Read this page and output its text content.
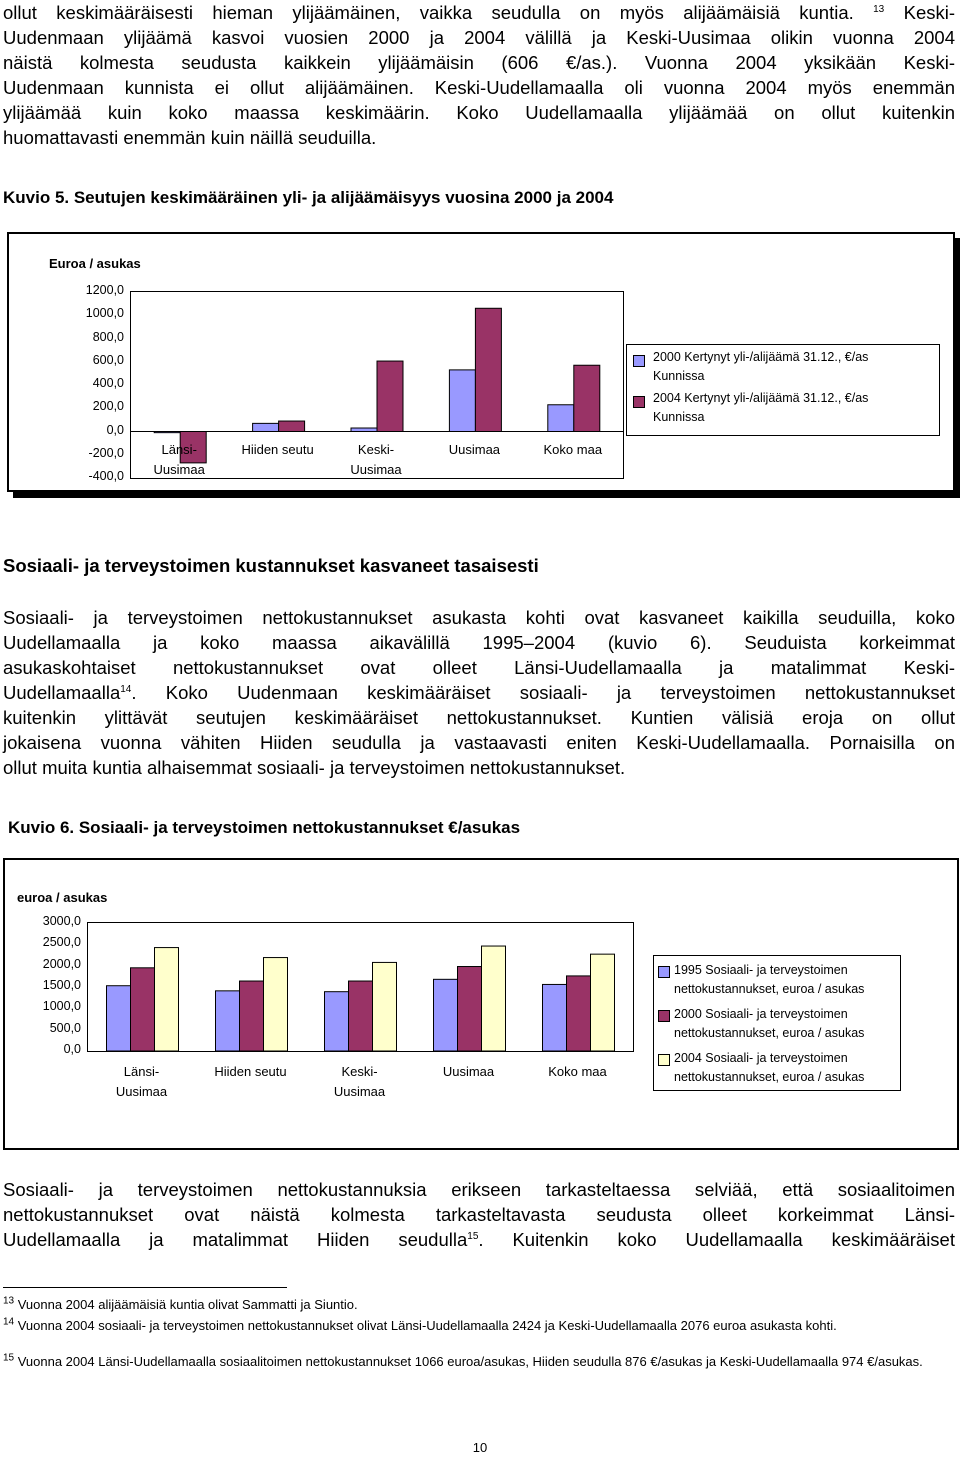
ollut keskimääräisesti hieman ylijäämäinen, vaikka seudulla on myös alijäämäisiä kuntia. $^{13}$ Keski-
Uudenmaan ylijäämä kasvoi vuosien 2000 ja 2004 välillä ja Keski-Uusimaa olikin vuonna 2004
näistä kolmesta seudusta kaikkein ylijäämäisin (606 €/as.). Vuonna 2004 yksikään Keski-
Uudenmaan kunnista ei ollut alijäämäinen. Keski-Uudellamaalla oli vuonna 2004 myös enemmän
ylijäämää kuin koko maassa keskimäärin. Koko Uudellamaalla ylijäämää on ollut kuitenkin
huomattavasti enemmän kuin näillä seuduilla.
Kuvio 5. Seutujen keskimääräinen yli- ja alijäämäisyys vuosina 2000 ja 2004
Euroa / asukas
1200,0
1000,0
800,0
600,0
400,0
200,0
0,0
-200,0
-400,0
Länsi-
Uusimaa
Hiiden seutu	Keski-
Uusimaa
Uusimaa	Koko maa
2000 Kertynyt yli-/alijäämä 31.12., €/as Kunnissa
2004 Kertynyt yli-/alijäämä 31.12., €/as Kunnissa
Sosiaali- ja terveystoimen kustannukset kasvaneet tasaisesti
Sosiaali- ja terveystoimen nettokustannukset asukasta kohti ovat kasvaneet kaikilla seuduilla, koko
Uudellamaalla ja koko maassa aikavälillä 1995–2004 (kuvio 6). Seuduista korkeimmat
asukaskohtaiset nettokustannukset ovat olleet Länsi-Uudellamaalla ja matalimmat Keski-
Uudellamaalla$^{14}$. Koko Uudenmaan keskimääräiset sosiaali- ja terveystoimen nettokustannukset
kuitenkin ylittävät seutujen keskimääräiset nettokustannukset. Kuntien välisiä eroja on ollut
jokaisena vuonna vähiten Hiiden seudulla ja vastaavasti eniten Keski-Uudellamaalla. Pornaisilla on
ollut muita kuntia alhaisemmat sosiaali- ja terveystoimen nettokustannukset.
Kuvio 6. Sosiaali- ja terveystoimen nettokustannukset €/asukas
euroa / asukas
3000,0
2500,0
2000,0
1500,0
1000,0
500,0
0,0
Länsi-
Uusimaa
Hiiden seutu	Keski-
Uusimaa
Uusimaa	Koko maa
1995 Sosiaali- ja terveystoimen nettokustannukset, euroa / asukas
2000 Sosiaali- ja terveystoimen nettokustannukset, euroa / asukas
2004 Sosiaali- ja terveystoimen nettokustannukset, euroa / asukas
Sosiaali- ja terveystoimen nettokustannuksia erikseen tarkasteltaessa selviää, että sosiaalitoimen
nettokustannukset ovat näistä kolmesta tarkasteltavasta seudusta olleet korkeimmat Länsi-
Uudellamaalla ja matalimmat Hiiden seudulla$^{15}$. Kuitenkin koko Uudellamaalla keskimääräiset
$^{13}$ Vuonna 2004 alijäämäisiä kuntia olivat Sammatti ja Siuntio.
$^{14}$ Vuonna 2004 sosiaali- ja terveystoimen nettokustannukset olivat Länsi-Uudellamaalla 2424 ja Keski-Uudellamaalla 2076 euroa asukasta kohti.
$^{15}$ Vuonna 2004 Länsi-Uudellamaalla sosiaalitoimen nettokustannukset 1066 euroa/asukas, Hiiden seudulla 876 €/asukas ja Keski-Uudellamaalla 974 €/asukas.
10
